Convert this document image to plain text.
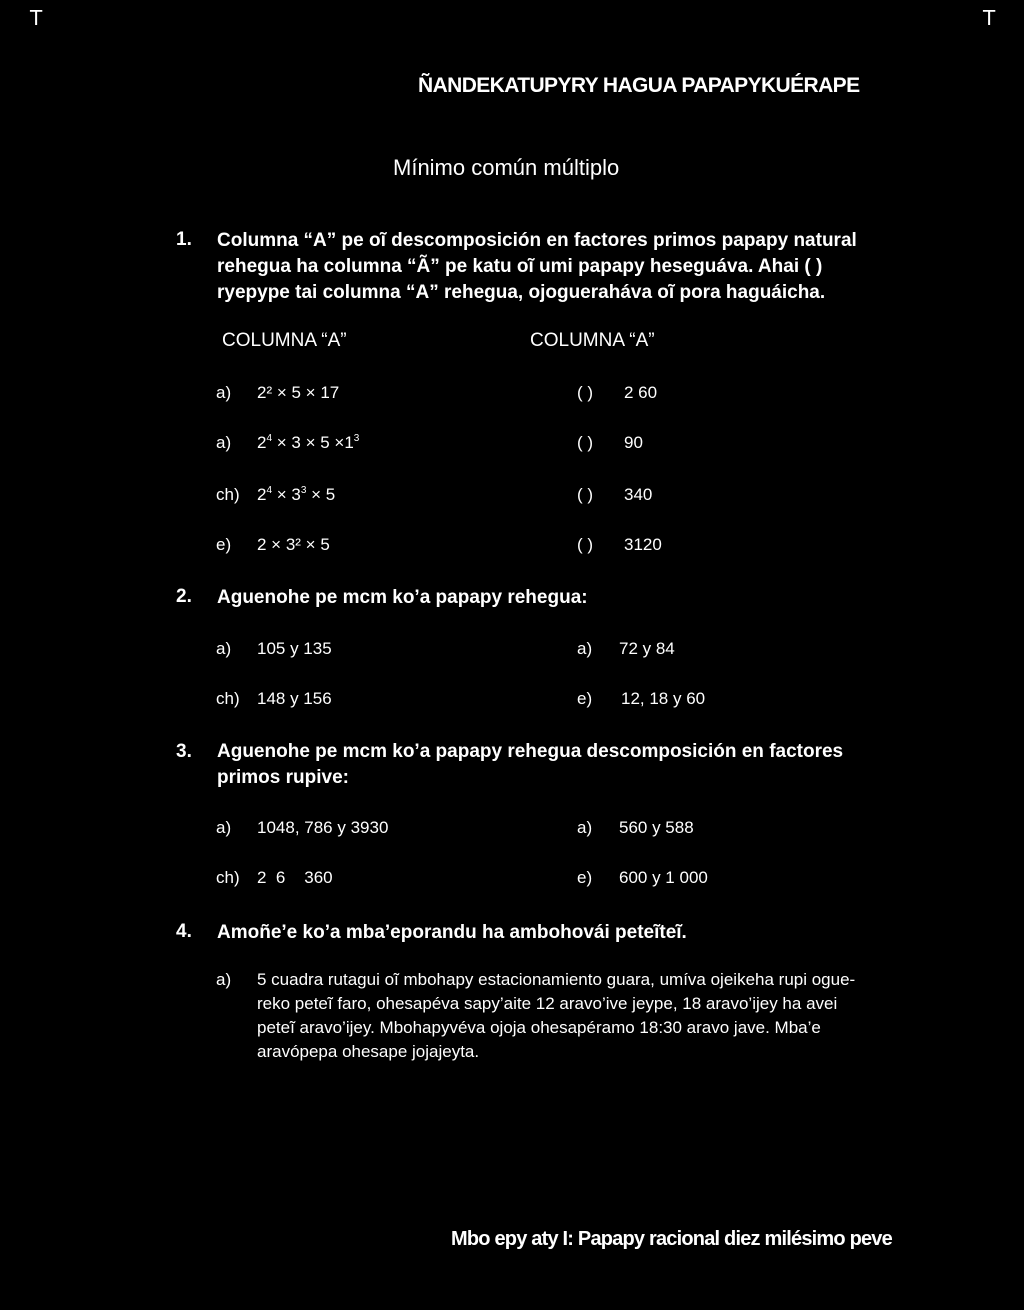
T	T
ÑANDEKATUPYRY HAGUA PAPAPYKUÉRAPE
Mínimo común múltiplo
1. Columna “A” pe oĩ descomposición en factores primos papapy natural
rehegua ha columna “Ã” pe katu oĩ umi papapy heseguáva. Ahai ( )
ryepype tai columna “A” rehegua, ojoguerahávа oĩ pora haguáicha.
COLUMNA “A”	COLUMNA “A”
a) 2² × 5 × 17	( ) 2 60
a) $2^4 \times 3 \times 5 \times 1^3$	( ) 90
ch) $2^4 \times 3^3 \times 5$	( ) 340
e) 2 × 3² × 5	( ) 3120
2. Aguenohe pe mcm ko’a papapy rehegua:
a) 105 y 135	a) 72 y 84
ch) 148 y 156	e) 12, 18 y 60
3. Aguenohe pe mcm ko’a papapy rehegua descomposición en factores
primos rupive:
a) 1048, 786 y 3930	a) 560 y 588
ch) 2  6    360	e) 600 y 1 000
4. Amoñe’e ko’a mba’eporandu ha ambohovái peteĩteĩ.
a) 5 cuadra rutagui oĩ mbohapy estacionamiento guara, umíva ojeikeha rupi ogue-
reko peteĩ faro, ohesapéva sapy’aite 12 aravo’ive jeype, 18 aravo’ijey ha avei
peteĩ aravo’ijey. Mbohapyvéva ojoja ohesapéramo 18:30 aravo jave. Mba’e
aravópepa ohesape jojajeyta.
Mbo epy aty I: Papapy racional diez milésimo peve
